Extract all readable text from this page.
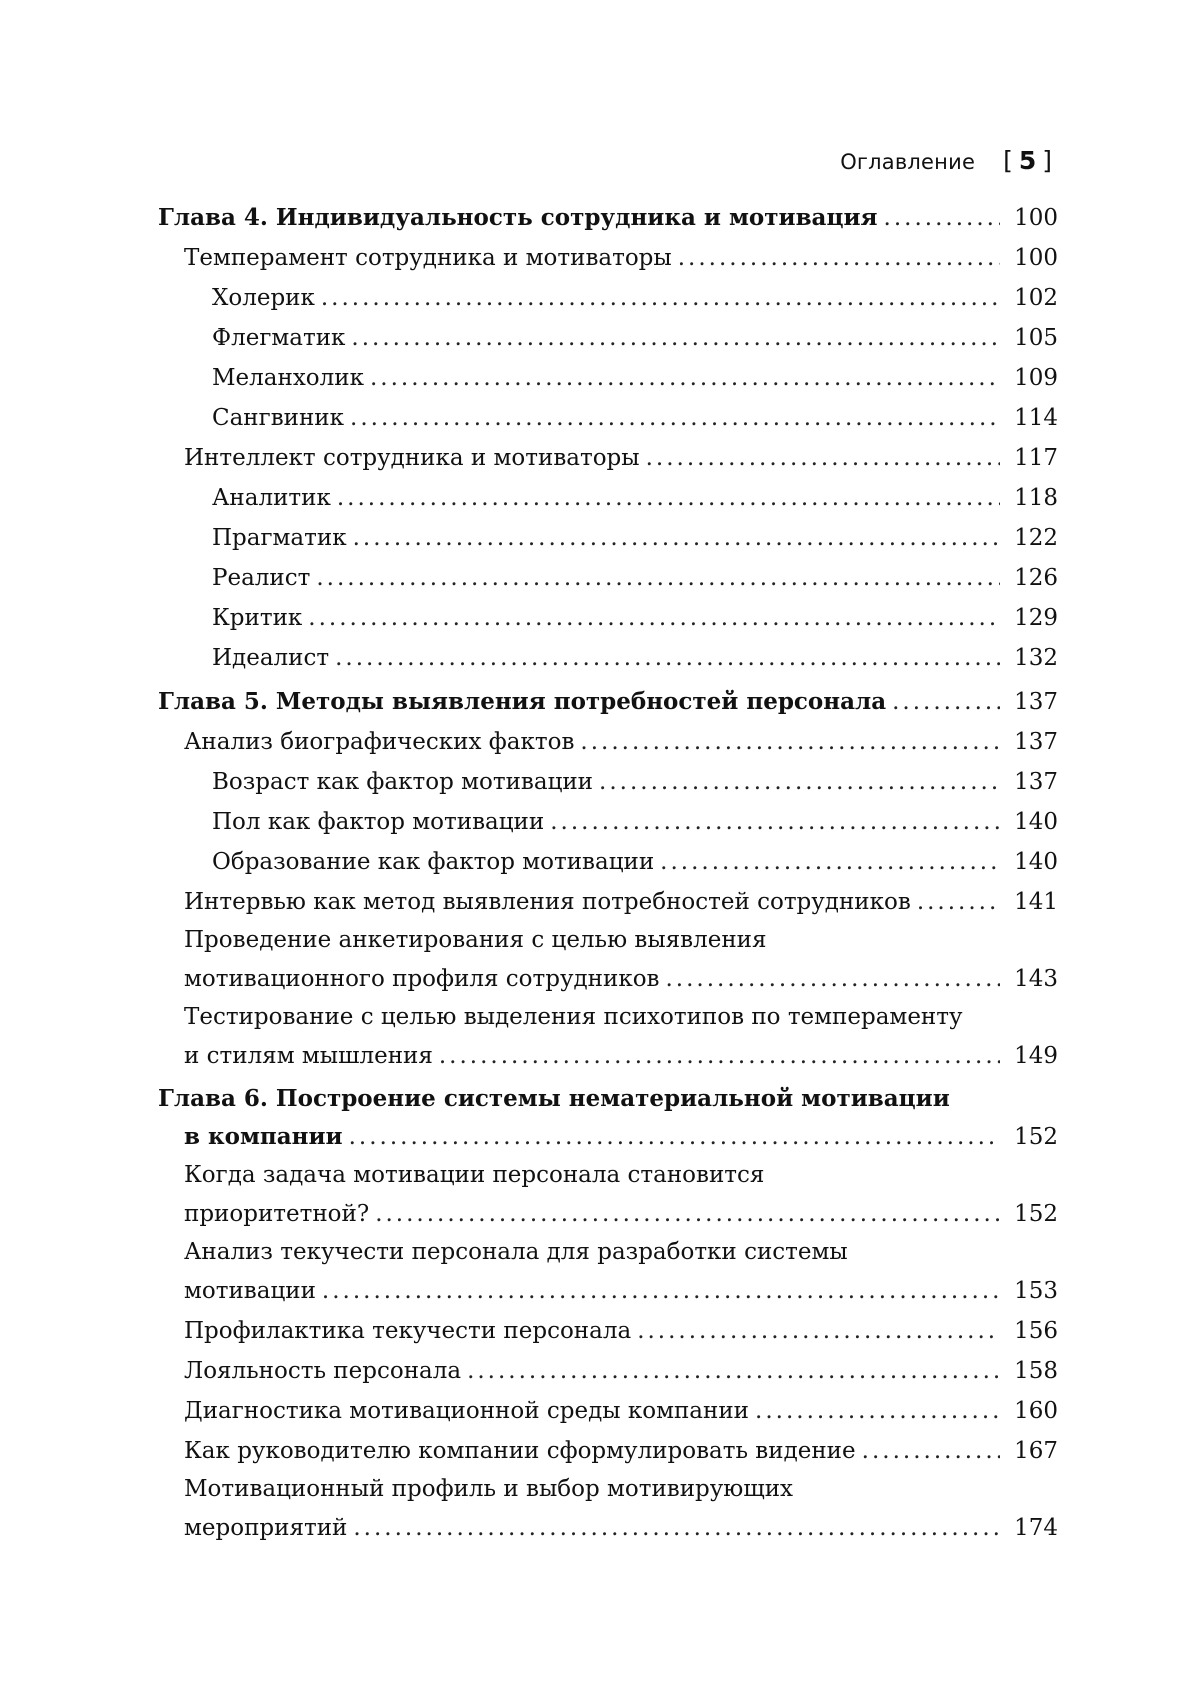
Оглавление [ 5 ]
Глава 4. Индивидуальность сотрудника и мотивация .....	100
Темперамент сотрудника и мотиваторы .....	100
Холерик .....	102
Флегматик .....	105
Меланхолик .....	109
Сангвиник .....	114
Интеллект сотрудника и мотиваторы .....	117
Аналитик .....	118
Прагматик .....	122
Реалист .....	126
Критик .....	129
Идеалист .....	132
Глава 5. Методы выявления потребностей персонала .....	137
Анализ биографических фактов .....	137
Возраст как фактор мотивации .....	137
Пол как фактор мотивации .....	140
Образование как фактор мотивации .....	140
Интервью как метод выявления потребностей сотрудников .....	141
Проведение анкетирования с целью выявления
мотивационного профиля сотрудников .....	143
Тестирование с целью выделения психотипов по темпераменту
и стилям мышления .....	149
Глава 6. Построение системы нематериальной мотивации
в компании .....	152
Когда задача мотивации персонала становится
приоритетной? .....	152
Анализ текучести персонала для разработки системы
мотивации .....	153
Профилактика текучести персонала .....	156
Лояльность персонала .....	158
Диагностика мотивационной среды компании .....	160
Как руководителю компании сформулировать видение .....	167
Мотивационный профиль и выбор мотивирующих
мероприятий .....	174
